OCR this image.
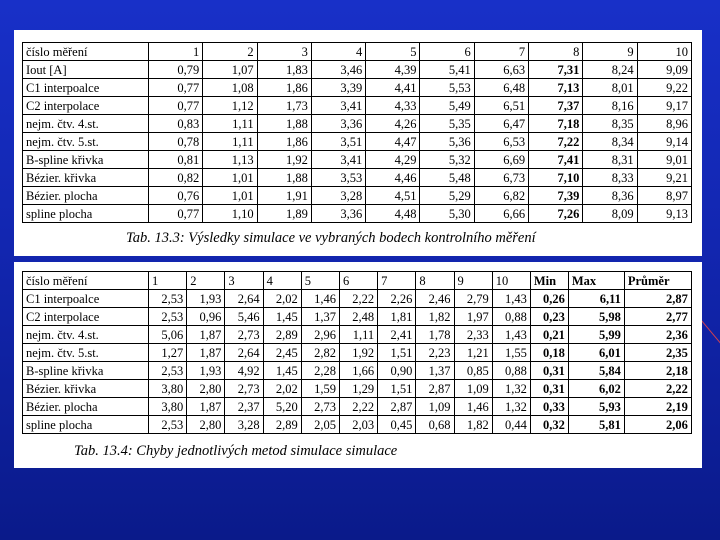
číslo měření	1	2	3	4	5	6	7	8	9	10
Iout [A]	0,79	1,07	1,83	3,46	4,39	5,41	6,63	7,31	8,24	9,09
C1 interpoalce	0,77	1,08	1,86	3,39	4,41	5,53	6,48	7,13	8,01	9,22
C2 interpolace	0,77	1,12	1,73	3,41	4,33	5,49	6,51	7,37	8,16	9,17
nejm. čtv. 4.st.	0,83	1,11	1,88	3,36	4,26	5,35	6,47	7,18	8,35	8,96
nejm. čtv. 5.st.	0,78	1,11	1,86	3,51	4,47	5,36	6,53	7,22	8,34	9,14
B-spline křivka	0,81	1,13	1,92	3,41	4,29	5,32	6,69	7,41	8,31	9,01
Bézier. křivka	0,82	1,01	1,88	3,53	4,46	5,48	6,73	7,10	8,33	9,21
Bézier. plocha	0,76	1,01	1,91	3,28	4,51	5,29	6,82	7,39	8,36	8,97
spline plocha	0,77	1,10	1,89	3,36	4,48	5,30	6,66	7,26	8,09	9,13
Tab. 13.3: Výsledky simulace ve vybraných bodech kontrolního měření
číslo měření	1	2	3	4	5	6	7	8	9	10	Min	Max	Průměr
C1 interpoalce	2,53	1,93	2,64	2,02	1,46	2,22	2,26	2,46	2,79	1,43	0,26	6,11	2,87
C2 interpolace	2,53	0,96	5,46	1,45	1,37	2,48	1,81	1,82	1,97	0,88	0,23	5,98	2,77
nejm. čtv. 4.st.	5,06	1,87	2,73	2,89	2,96	1,11	2,41	1,78	2,33	1,43	0,21	5,99	2,36
nejm. čtv. 5.st.	1,27	1,87	2,64	2,45	2,82	1,92	1,51	2,23	1,21	1,55	0,18	6,01	2,35
B-spline křivka	2,53	1,93	4,92	1,45	2,28	1,66	0,90	1,37	0,85	0,88	0,31	5,84	2,18
Bézier. křivka	3,80	2,80	2,73	2,02	1,59	1,29	1,51	2,87	1,09	1,32	0,31	6,02	2,22
Bézier. plocha	3,80	1,87	2,37	5,20	2,73	2,22	2,87	1,09	1,46	1,32	0,33	5,93	2,19
spline plocha	2,53	2,80	3,28	2,89	2,05	2,03	0,45	0,68	1,82	0,44	0,32	5,81	2,06
Tab. 13.4: Chyby jednotlivých metod simulace simulace
